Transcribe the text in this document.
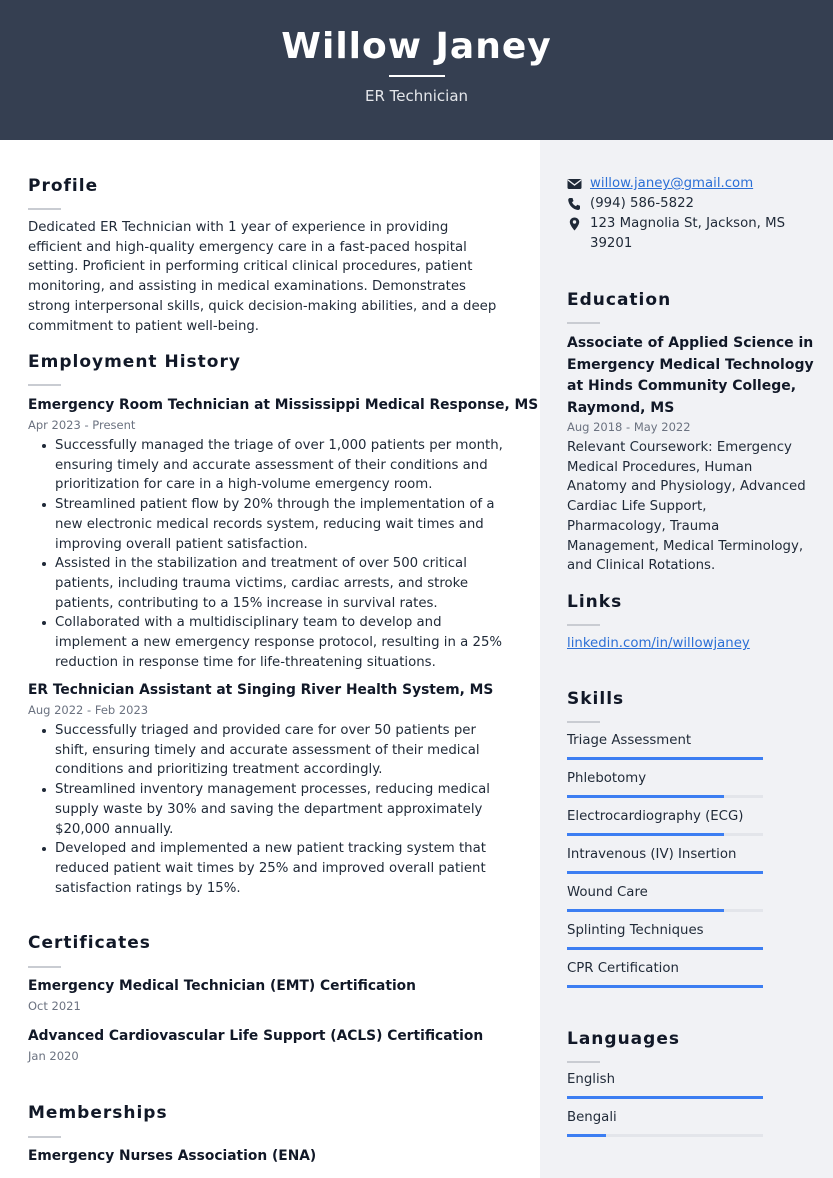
Willow Janey
ER Technician
Profile
Dedicated ER Technician with 1 year of experience in providing efficient and high-quality emergency care in a fast-paced hospital setting. Proficient in performing critical clinical procedures, patient monitoring, and assisting in medical examinations. Demonstrates strong interpersonal skills, quick decision-making abilities, and a deep commitment to patient well-being.
Employment History
Emergency Room Technician at Mississippi Medical Response, MS
Apr 2023 - Present
Successfully managed the triage of over 1,000 patients per month, ensuring timely and accurate assessment of their conditions and prioritization for care in a high-volume emergency room.
Streamlined patient flow by 20% through the implementation of a new electronic medical records system, reducing wait times and improving overall patient satisfaction.
Assisted in the stabilization and treatment of over 500 critical patients, including trauma victims, cardiac arrests, and stroke patients, contributing to a 15% increase in survival rates.
Collaborated with a multidisciplinary team to develop and implement a new emergency response protocol, resulting in a 25% reduction in response time for life-threatening situations.
ER Technician Assistant at Singing River Health System, MS
Aug 2022 - Feb 2023
Successfully triaged and provided care for over 50 patients per shift, ensuring timely and accurate assessment of their medical conditions and prioritizing treatment accordingly.
Streamlined inventory management processes, reducing medical supply waste by 30% and saving the department approximately $20,000 annually.
Developed and implemented a new patient tracking system that reduced patient wait times by 25% and improved overall patient satisfaction ratings by 15%.
Certificates
Emergency Medical Technician (EMT) Certification
Oct 2021
Advanced Cardiovascular Life Support (ACLS) Certification
Jan 2020
Memberships
Emergency Nurses Association (ENA)
willow.janey@gmail.com
(994) 586-5822
123 Magnolia St, Jackson, MS
39201
Education
Associate of Applied Science in
Emergency Medical Technology
at Hinds Community College,
Raymond, MS
Aug 2018 - May 2022
Relevant Coursework: Emergency Medical Procedures, Human Anatomy and Physiology, Advanced Cardiac Life Support, Pharmacology, Trauma Management, Medical Terminology, and Clinical Rotations.
Links
linkedin.com/in/willowjaney
Skills
Triage Assessment
Phlebotomy
Electrocardiography (ECG)
Intravenous (IV) Insertion
Wound Care
Splinting Techniques
CPR Certification
Languages
English
Bengali
